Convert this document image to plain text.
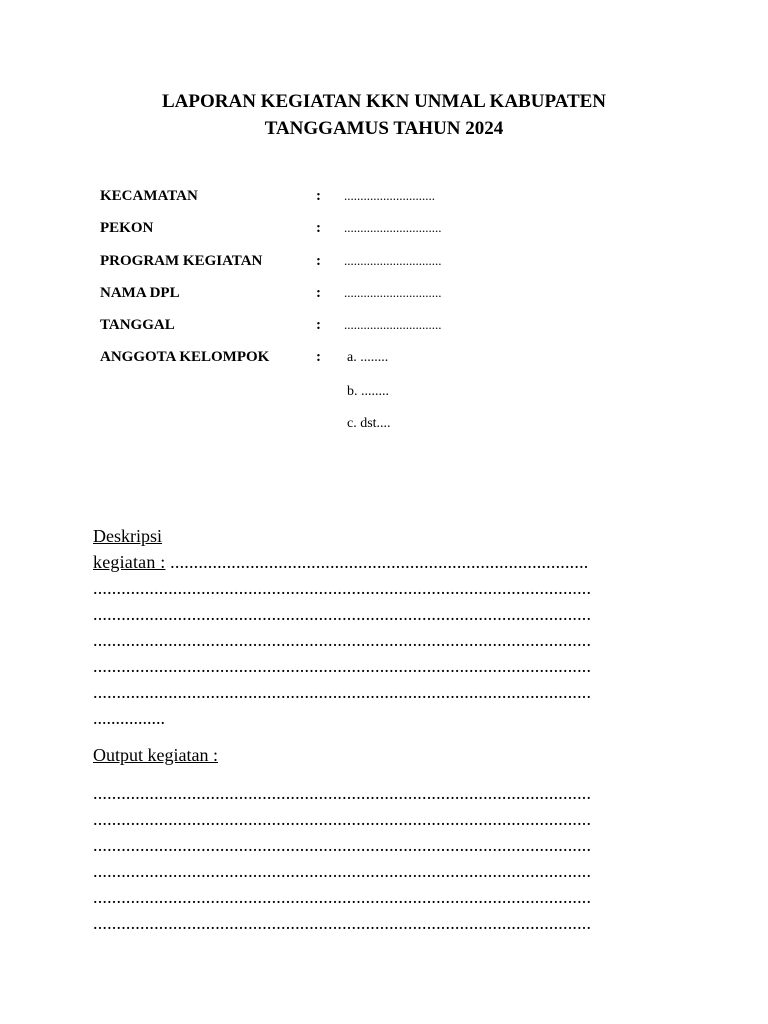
LAPORAN KEGIATAN KKN UNMAL KABUPATEN
TANGGAMUS TAHUN 2024
KECAMATAN	: ............................
PEKON	: ..............................
PROGRAM KEGIATAN	: ..............................
NAMA DPL	: ..............................
TANGGAL	: ..............................
ANGGOTA KELOMPOK	: a. ........
b. ........
c. dst....
Deskripsi
kegiatan : .........................................................................................
..........................................................................................................
..........................................................................................................
..........................................................................................................
..........................................................................................................
..........................................................................................................
................
Output kegiatan :
..........................................................................................................
..........................................................................................................
..........................................................................................................
..........................................................................................................
..........................................................................................................
..........................................................................................................
